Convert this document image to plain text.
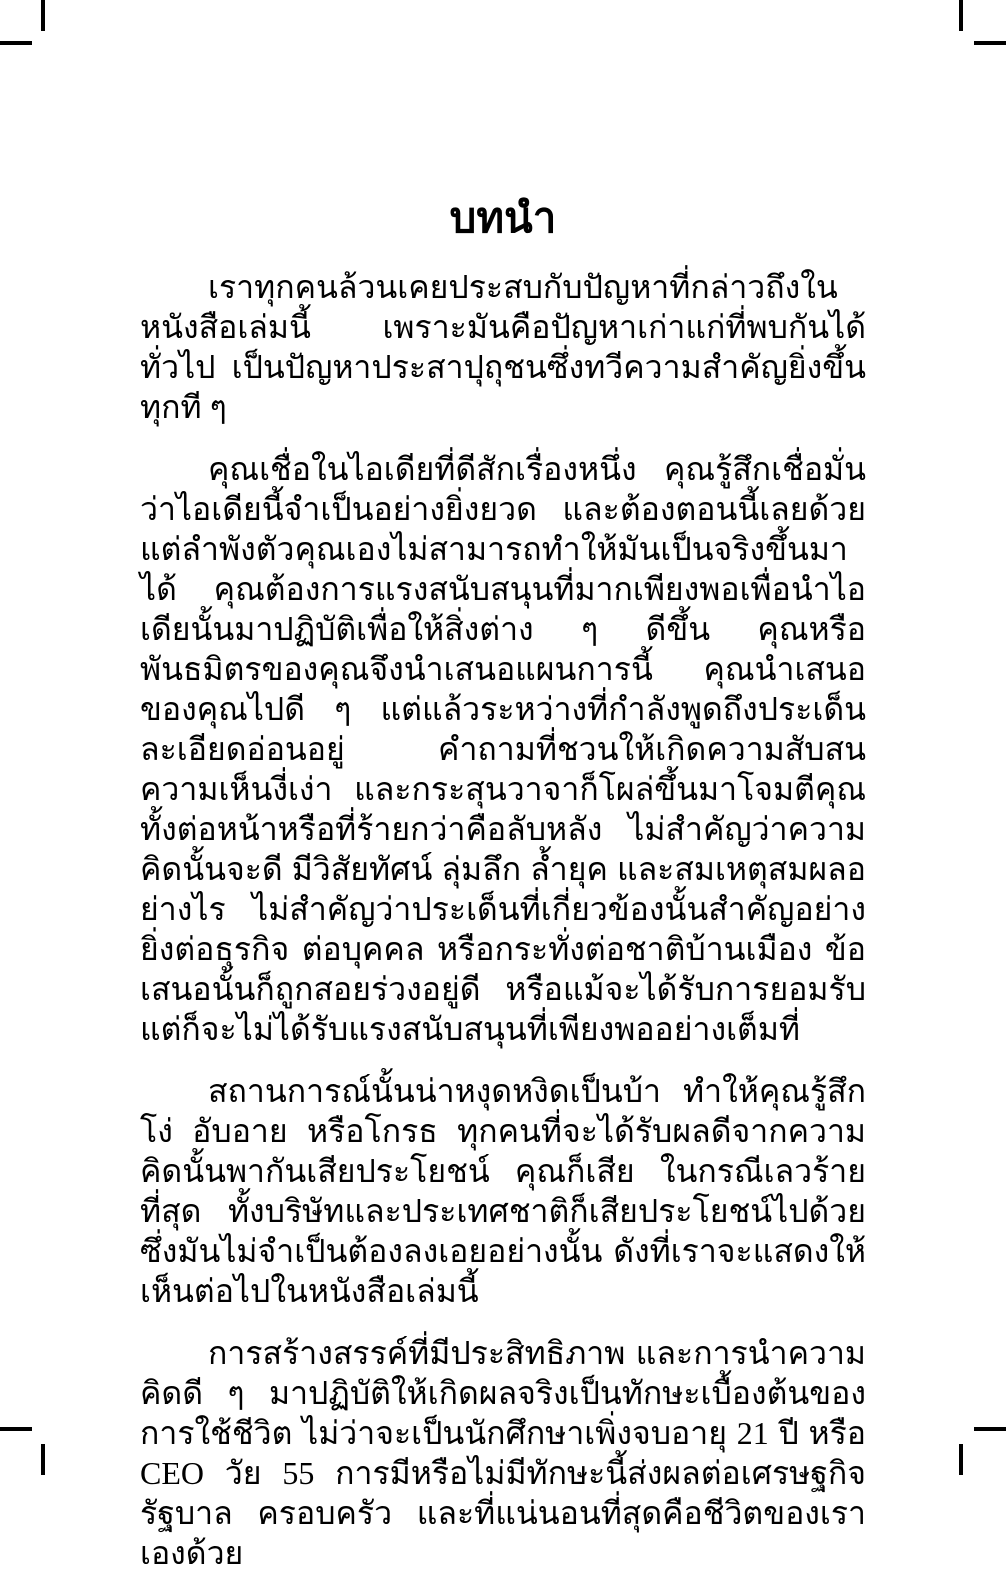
บทนำ

เราทุกคนล้วนเคยประสบกับปัญหาที่กล่าวถึงในหนังสือเล่มนี้ เพราะมันคือปัญหาเก่าแก่ที่พบกันได้ทั่วไป เป็นปัญหาประสาปุถุชนซึ่งทวีความสำคัญยิ่งขึ้นทุกที ๆ

คุณเชื่อในไอเดียที่ดีสักเรื่องหนึ่ง คุณรู้สึกเชื่อมั่นว่าไอเดียนี้จำเป็นอย่างยิ่งยวด และต้องตอนนี้เลยด้วย แต่ลำพังตัวคุณเองไม่สามารถทำให้มันเป็นจริงขึ้นมาได้ คุณต้องการแรงสนับสนุนที่มากเพียงพอเพื่อนำไอเดียนั้นมาปฏิบัติเพื่อให้สิ่งต่าง ๆ ดีขึ้น คุณหรือพันธมิตรของคุณจึงนำเสนอแผนการนี้ คุณนำเสนอของคุณไปดี ๆ แต่แล้วระหว่างที่กำลังพูดถึงประเด็นละเอียดอ่อนอยู่ คำถามที่ชวนให้เกิดความสับสน ความเห็นงี่เง่า และกระสุนวาจาก็โผล่ขึ้นมาโจมตีคุณทั้งต่อหน้าหรือที่ร้ายกว่าคือลับหลัง ไม่สำคัญว่าความคิดนั้นจะดี มีวิสัยทัศน์ ลุ่มลึก ล้ำยุค และสมเหตุสมผลอย่างไร ไม่สำคัญว่าประเด็นที่เกี่ยวข้องนั้นสำคัญอย่างยิ่งต่อธุรกิจ ต่อบุคคล หรือกระทั่งต่อชาติบ้านเมือง ข้อเสนอนั้นก็ถูกสอยร่วงอยู่ดี หรือแม้จะได้รับการยอมรับแต่ก็จะไม่ได้รับแรงสนับสนุนที่เพียงพออย่างเต็มที่

สถานการณ์นั้นน่าหงุดหงิดเป็นบ้า ทำให้คุณรู้สึกโง่ อับอาย หรือโกรธ ทุกคนที่จะได้รับผลดีจากความคิดนั้นพากันเสียประโยชน์ คุณก็เสีย ในกรณีเลวร้ายที่สุด ทั้งบริษัทและประเทศชาติก็เสียประโยชน์ไปด้วย ซึ่งมันไม่จำเป็นต้องลงเอยอย่างนั้น ดังที่เราจะแสดงให้เห็นต่อไปในหนังสือเล่มนี้

การสร้างสรรค์ที่มีประสิทธิภาพ และการนำความคิดดี ๆ มาปฏิบัติให้เกิดผลจริงเป็นทักษะเบื้องต้นของการใช้ชีวิต ไม่ว่าจะเป็นนักศึกษาเพิ่งจบอายุ 21 ปี หรือ CEO วัย 55 การมีหรือไม่มีทักษะนี้ส่งผลต่อเศรษฐกิจ รัฐบาล ครอบครัว และที่แน่นอนที่สุดคือชีวิตของเราเองด้วย
